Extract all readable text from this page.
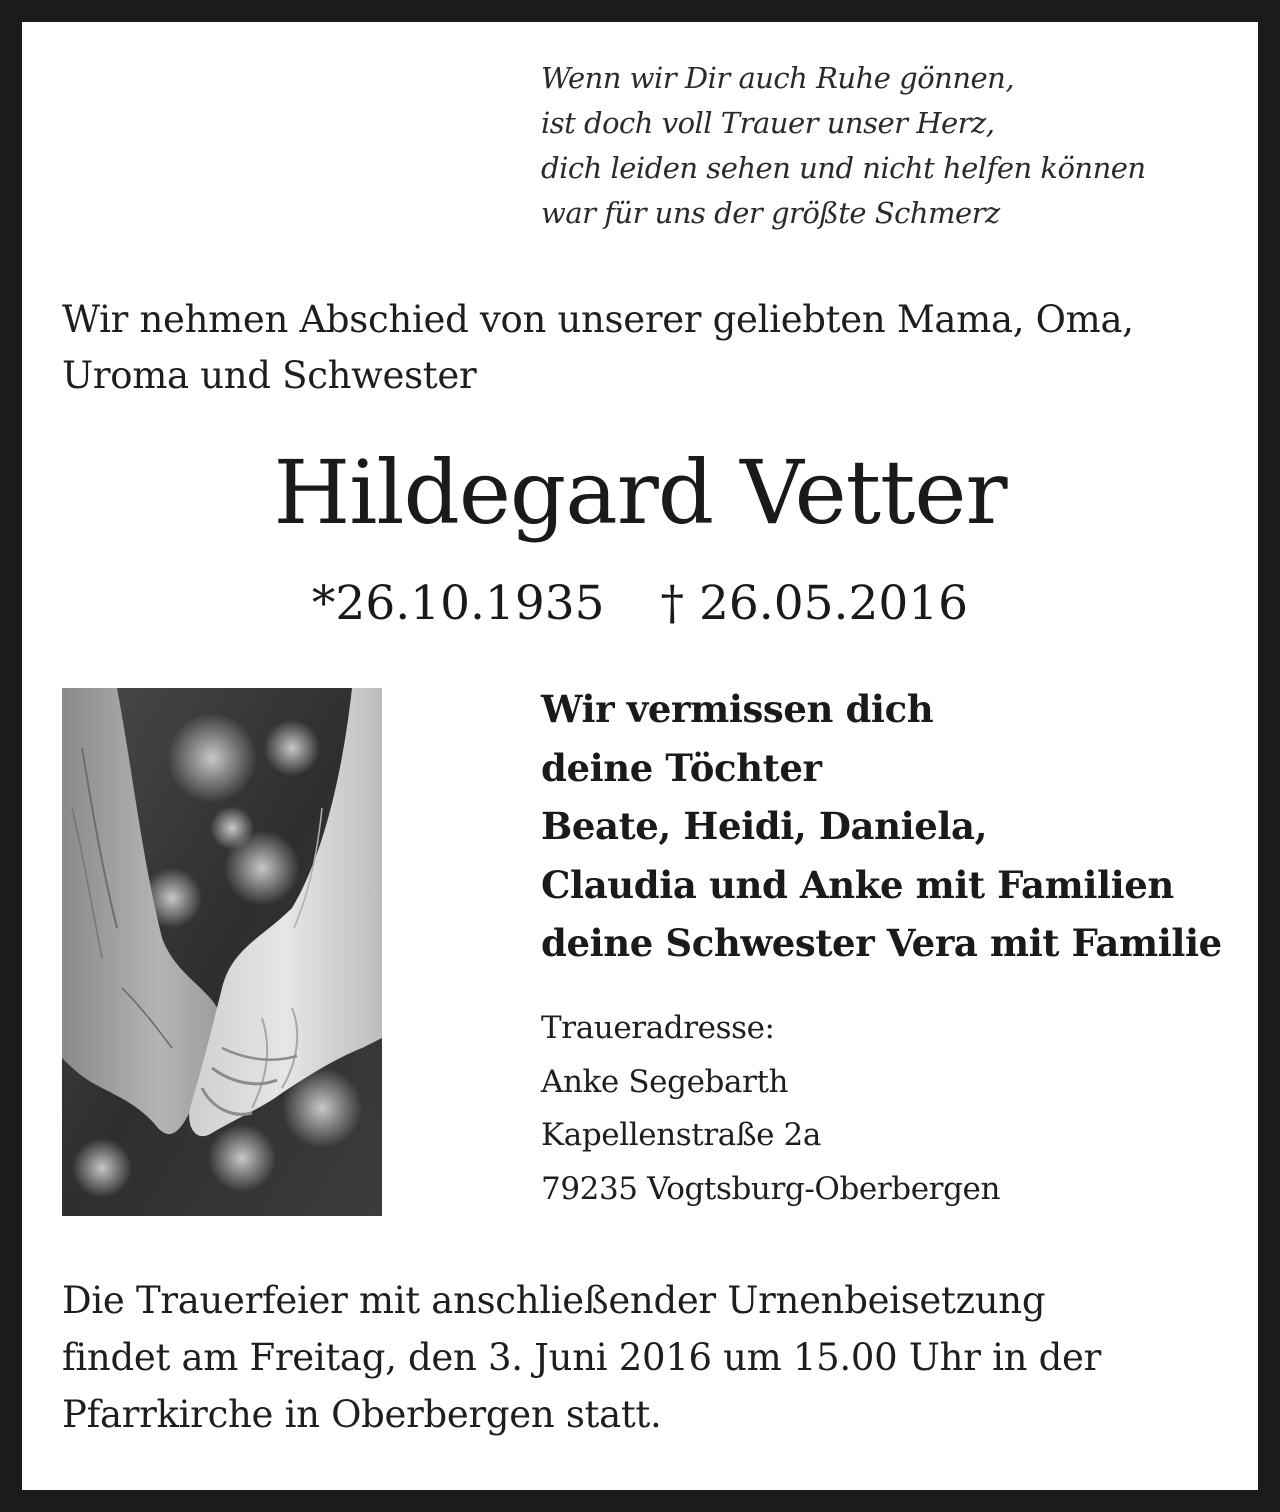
Wenn wir Dir auch Ruhe gönnen,
ist doch voll Trauer unser Herz,
dich leiden sehen und nicht helfen können
war für uns der größte Schmerz
Wir nehmen Abschied von unserer geliebten Mama, Oma,
Uroma und Schwester
Hildegard Vetter
*26.10.1935 † 26.05.2016
Wir vermissen dich
deine Töchter
Beate, Heidi, Daniela,
Claudia und Anke mit Familien
deine Schwester Vera mit Familie
Traueradresse:
Anke Segebarth
Kapellenstraße 2a
79235 Vogtsburg-Oberbergen
Die Trauerfeier mit anschließender Urnenbeisetzung
findet am Freitag, den 3. Juni 2016 um 15.00 Uhr in der
Pfarrkirche in Oberbergen statt.
